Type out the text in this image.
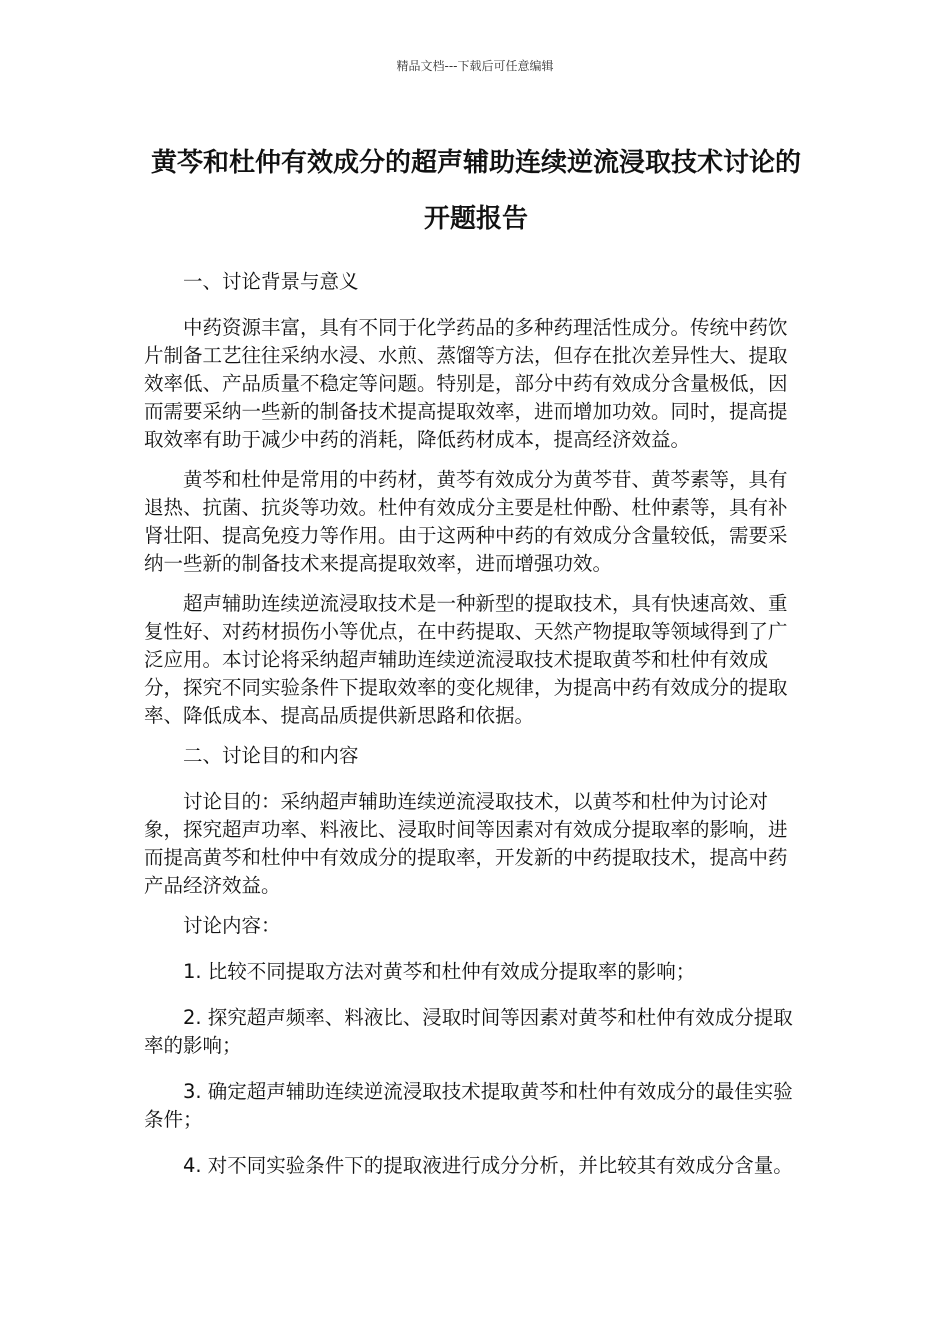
精品文档---下载后可任意编辑
黄芩和杜仲有效成分的超声辅助连续逆流浸取技术讨论的开题报告

一、讨论背景与意义

中药资源丰富，具有不同于化学药品的多种药理活性成分。传统中药饮片制备工艺往往采纳水浸、水煎、蒸馏等方法，但存在批次差异性大、提取效率低、产品质量不稳定等问题。特别是，部分中药有效成分含量极低，因而需要采纳一些新的制备技术提高提取效率，进而增加功效。同时，提高提取效率有助于减少中药的消耗，降低药材成本，提高经济效益。

黄芩和杜仲是常用的中药材，黄芩有效成分为黄芩苷、黄芩素等，具有退热、抗菌、抗炎等功效。杜仲有效成分主要是杜仲酚、杜仲素等，具有补肾壮阳、提高免疫力等作用。由于这两种中药的有效成分含量较低，需要采纳一些新的制备技术来提高提取效率，进而增强功效。

超声辅助连续逆流浸取技术是一种新型的提取技术，具有快速高效、重复性好、对药材损伤小等优点，在中药提取、天然产物提取等领域得到了广泛应用。本讨论将采纳超声辅助连续逆流浸取技术提取黄芩和杜仲有效成分，探究不同实验条件下提取效率的变化规律，为提高中药有效成分的提取率、降低成本、提高品质提供新思路和依据。

二、讨论目的和内容

讨论目的：采纳超声辅助连续逆流浸取技术，以黄芩和杜仲为讨论对象，探究超声功率、料液比、浸取时间等因素对有效成分提取率的影响，进而提高黄芩和杜仲中有效成分的提取率，开发新的中药提取技术，提高中药产品经济效益。

讨论内容：

1. 比较不同提取方法对黄芩和杜仲有效成分提取率的影响；

2. 探究超声频率、料液比、浸取时间等因素对黄芩和杜仲有效成分提取率的影响；

3. 确定超声辅助连续逆流浸取技术提取黄芩和杜仲有效成分的最佳实验条件；

4. 对不同实验条件下的提取液进行成分分析，并比较其有效成分含量。
